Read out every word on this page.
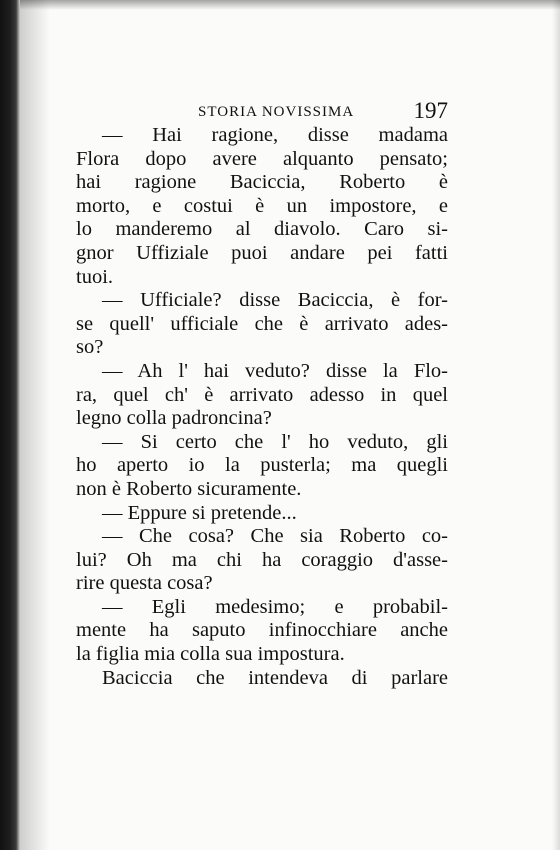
STORIA NOVISSIMA	197
— Hai ragione, disse madama
Flora dopo avere alquanto pensato;
hai ragione Baciccia, Roberto è
morto, e costui è un impostore, e
lo manderemo al diavolo. Caro si-
gnor Uffiziale puoi andare pei fatti
tuoi.
— Ufficiale? disse Baciccia, è for-
se quell' ufficiale che è arrivato ades-
so?
— Ah l' hai veduto? disse la Flo-
ra, quel ch' è arrivato adesso in quel
legno colla padroncina?
— Si certo che l' ho veduto, gli
ho aperto io la pusterla; ma quegli
non è Roberto sicuramente.
— Eppure si pretende...
— Che cosa? Che sia Roberto co-
lui? Oh ma chi ha coraggio d'asse-
rire questa cosa?
— Egli medesimo; e probabil-
mente ha saputo infinocchiare anche
la figlia mia colla sua impostura.
Baciccia che intendeva di parlare
